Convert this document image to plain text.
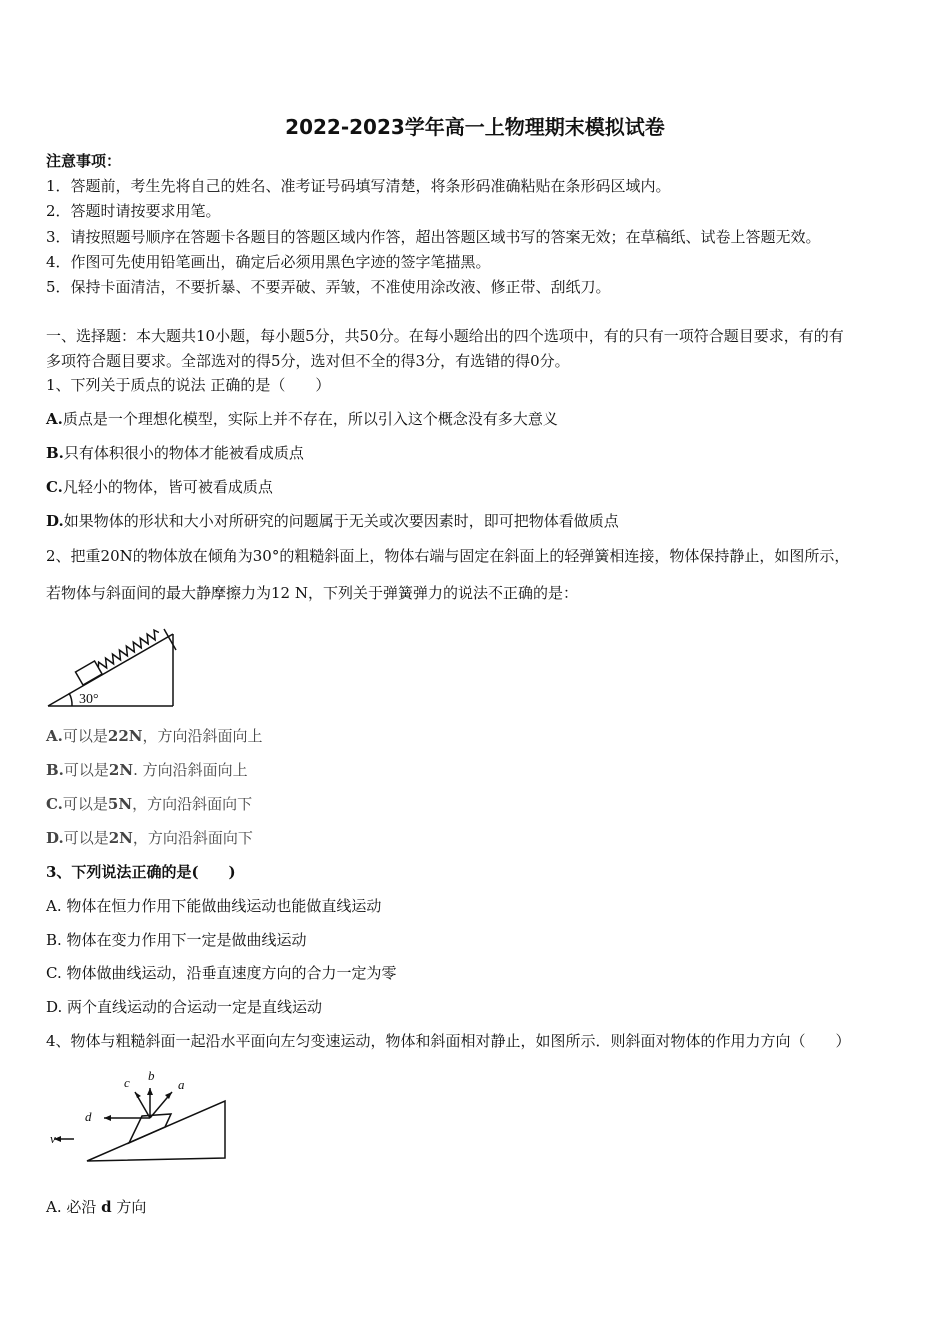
2022-2023学年高一上物理期末模拟试卷
注意事项：
1．答题前，考生先将自己的姓名、准考证号码填写清楚，将条形码准确粘贴在条形码区域内。
2．答题时请按要求用笔。
3．请按照题号顺序在答题卡各题目的答题区域内作答，超出答题区域书写的答案无效；在草稿纸、试卷上答题无效。
4．作图可先使用铅笔画出，确定后必须用黑色字迹的签字笔描黑。
5．保持卡面清洁，不要折暴、不要弄破、弄皱，不准使用涂改液、修正带、刮纸刀。
一、选择题：本大题共10小题，每小题5分，共50分。在每小题给出的四个选项中，有的只有一项符合题目要求，有的有
多项符合题目要求。全部选对的得5分，选对但不全的得3分，有选错的得0分。
1、下列关于质点的说法 正确的是（　　）
A.质点是一个理想化模型，实际上并不存在，所以引入这个概念没有多大意义
B.只有体积很小的物体才能被看成质点
C.凡轻小的物体，皆可被看成质点
D.如果物体的形状和大小对所研究的问题属于无关或次要因素时，即可把物体看做质点
2、把重20N的物体放在倾角为30°的粗糙斜面上，物体右端与固定在斜面上的轻弹簧相连接，物体保持静止，如图所示，
若物体与斜面间的最大静摩擦力为12 N，下列关于弹簧弹力的说法不正确的是：
30°
A.可以是22N，方向沿斜面向上
B.可以是2N. 方向沿斜面向上
C.可以是5N，方向沿斜面向下
D.可以是2N，方向沿斜面向下
3、下列说法正确的是(　　)
A. 物体在恒力作用下能做曲线运动也能做直线运动
B. 物体在变力作用下一定是做曲线运动
C. 物体做曲线运动，沿垂直速度方向的合力一定为零
D. 两个直线运动的合运动一定是直线运动
4、物体与粗糙斜面一起沿水平面向左匀变速运动，物体和斜面相对静止，如图所示．则斜面对物体的作用力方向（　　）
c b
a
d
v
A. 必沿 d 方向
